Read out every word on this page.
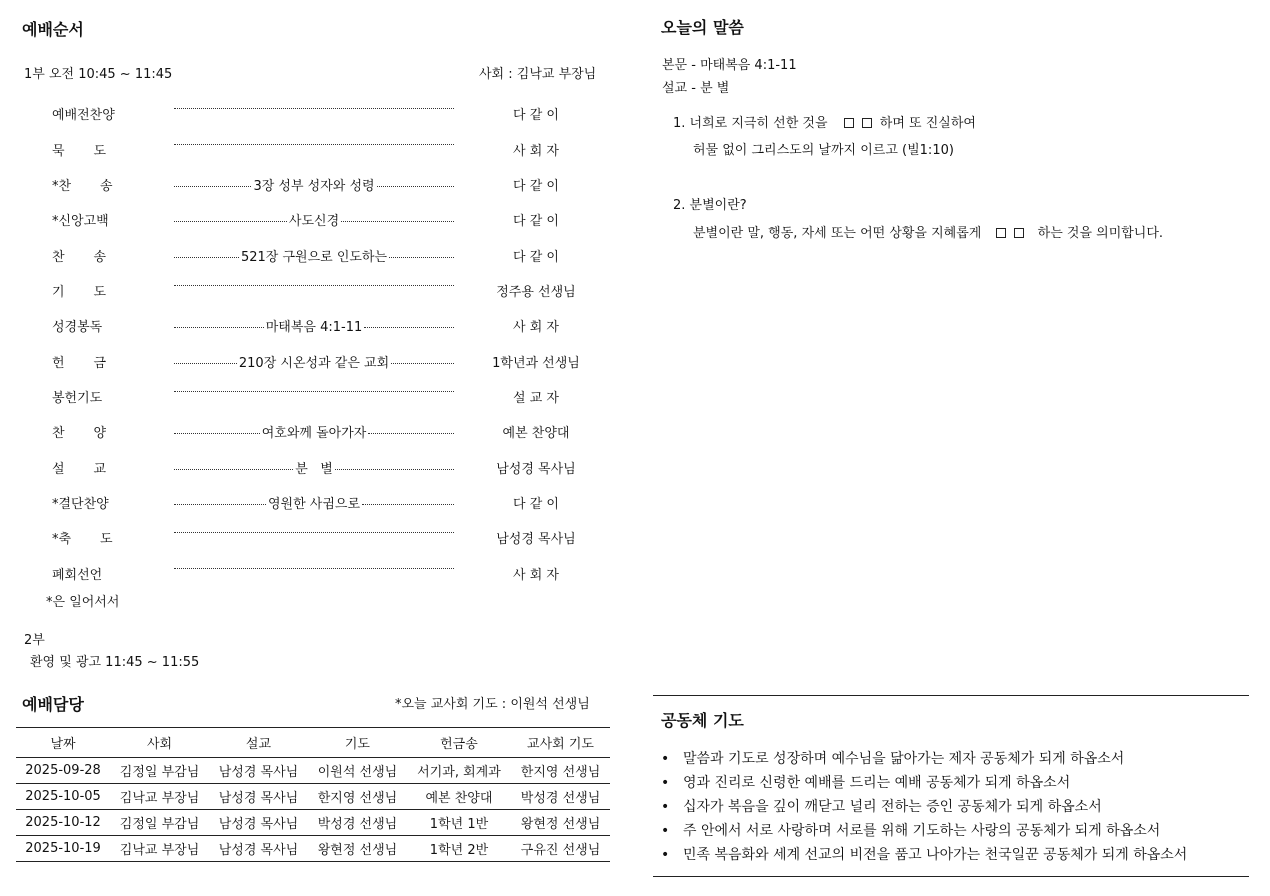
예배순서
1부 오전 10:45 ~ 11:45	사회 : 김낙교 부장님
예배전찬양	다 같 이
묵       도	사 회 자
*찬       송	3장 성부 성자와 성령	다 같 이
*신앙고백	사도신경	다 같 이
찬       송	521장 구원으로 인도하는	다 같 이
기       도	정주용 선생님
성경봉독	마태복음 4:1-11	사 회 자
헌       금	210장 시온성과 같은 교회	1학년과 선생님
봉헌기도	설 교 자
찬       양	여호와께 돌아가자	예본 찬양대
설       교	분   별	남성경 목사님
*결단찬양	영원한 사귐으로	다 같 이
*축       도	남성경 목사님
폐회선언	사 회 자
*은 일어서서
2부
환영 및 광고 11:45 ~ 11:55
예배담당	*오늘 교사회 기도 : 이원석 선생님
날짜	사회	설교	기도	헌금송	교사회 기도
2025-09-28	김정일 부감님	남성경 목사님	이원석 선생님	서기과, 회계과	한지영 선생님
2025-10-05	김낙교 부장님	남성경 목사님	한지영 선생님	예본 찬양대	박성경 선생님
2025-10-12	김정일 부감님	남성경 목사님	박성경 선생님	1학년 1반	왕현정 선생님
2025-10-19	김낙교 부장님	남성경 목사님	왕현정 선생님	1학년 2반	구유진 선생님
오늘의 말씀
본문 - 마태복음 4:1-11
설교 - 분 별
1. 너희로 지극히 선한 것을	하며 또 진실하여
허물 없이 그리스도의 날까지 이르고 (빌1:10)
2. 분별이란?
분별이란 말, 행동, 자세 또는 어떤 상황을 지혜롭게	하는 것을 의미합니다.
공동체 기도
• 말씀과 기도로 성장하며 예수님을 닮아가는 제자 공동체가 되게 하옵소서
• 영과 진리로 신령한 예배를 드리는 예배 공동체가 되게 하옵소서
• 십자가 복음을 깊이 깨닫고 널리 전하는 증인 공동체가 되게 하옵소서
• 주 안에서 서로 사랑하며 서로를 위해 기도하는 사랑의 공동체가 되게 하옵소서
• 민족 복음화와 세계 선교의 비전을 품고 나아가는 천국일꾼 공동체가 되게 하옵소서
